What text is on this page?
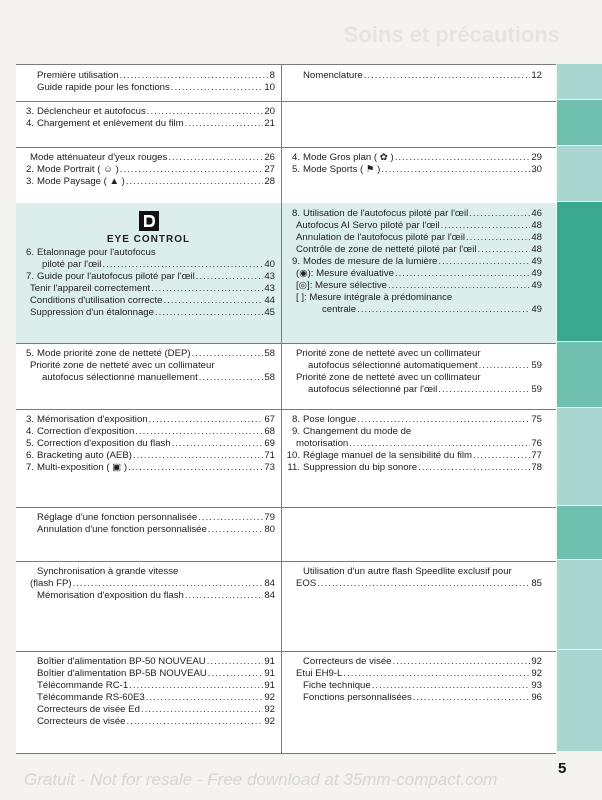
Soins et précautions
Première utilisation .....	8
Guide rapide pour les fonctions .....	10
Nomenclature .....	12
3. Déclencheur et autofocus .....	20
4. Chargement et enlèvement du film .....	21
Mode atténuateur d'yeux rouges .....	26
2. Mode Portrait ( ☺ ) .....	27
3. Mode Paysage ( ▲ ) .....	28
4. Mode Gros plan ( ✿ ) .....	29
5. Mode Sports ( ⚑ ) .....	30
EYE CONTROL
6. Etalonnage pour l'autofocus
piloté par l'œil .....	40
7. Guide pour l'autofocus piloté par l'œil .....	43
Tenir l'appareil correctement .....	43
Conditions d'utilisation correcte .....	44
Suppression d'un étalonnage .....	45
8. Utilisation de l'autofocus piloté par l'œil .....	46
Autofocus AI Servo piloté par l'œil .....	48
Annulation de l'autofocus piloté par l'œil .....	48
Contrôle de zone de netteté piloté par l'œil .....	48
9. Modes de mesure de la lumière .....	49
(◉): Mesure évaluative .....	49
[◎]: Mesure sélective .....	49
[ ]: Mesure intégrale à prédominance
centrale .....	49
5. Mode priorité zone de netteté (DEP) .....	58
Priorité zone de netteté avec un collimateur
autofocus sélectionné manuellement .....	58
Priorité zone de netteté avec un collimateur
autofocus sélectionné automatiquement .....	59
Priorité zone de netteté avec un collimateur
autofocus sélectionné par l'œil .....	59
3. Mémorisation d'exposition .....	67
4. Correction d'exposition .....	68
5. Correction d'exposition du flash .....	69
6. Bracketing auto (AEB) .....	71
7. Multi-exposition ( ▣ ) .....	73
8. Pose longue .....	75
9. Changement du mode de
motorisation .....	76
10. Réglage manuel de la sensibilité du film .....	77
11. Suppression du bip sonore .....	78
Réglage d'une fonction personnalisée .....	79
Annulation d'une fonction personnalisée .....	80
Synchronisation à grande vitesse
(flash FP) .....	84
Mémorisation d'exposition du flash .....	84
Utilisation d'un autre flash Speedlite exclusif pour
EOS .....	85
Boîtier d'alimentation BP-50 NOUVEAU .....	91
Boîtier d'alimentation BP-5B NOUVEAU .....	91
Télécommande RC-1 .....	91
Télécommande RS-60E3 .....	92
Correcteurs de visée Ed .....	92
Correcteurs de visée .....	92
Correcteurs de visée .....	92
Etui EH9-L .....	92
Fiche technique .....	93
Fonctions personnalisées .....	96
Gratuit - Not for resale - Free download at 35mm-compact.com
5
